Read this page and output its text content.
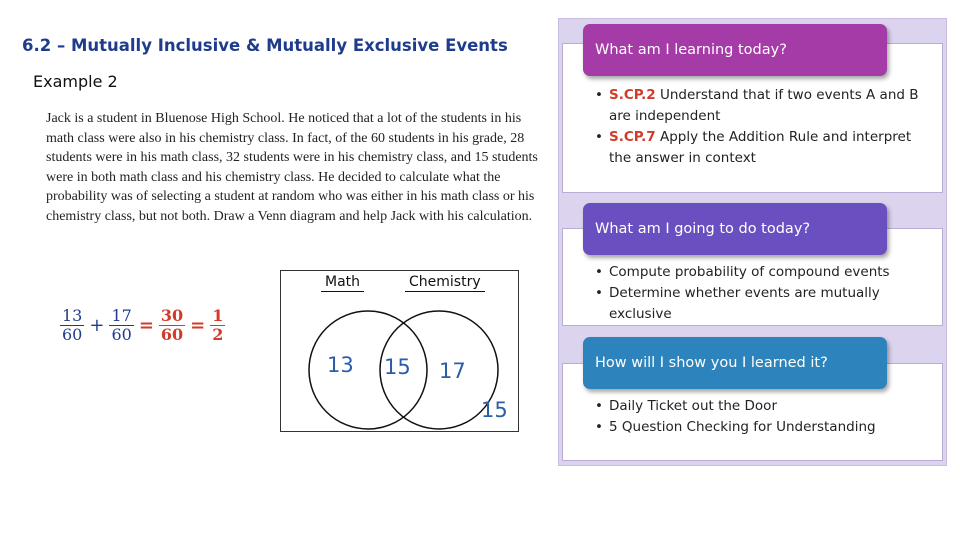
6.2 – Mutually Inclusive & Mutually Exclusive Events
Example 2
Jack is a student in Bluenose High School. He noticed that a lot of the students in his math class were also in his chemistry class. In fact, of the 60 students in his grade, 28 students were in his math class, 32 students were in his chemistry class, and 15 students were in both math class and his chemistry class. He decided to calculate what the probability was of selecting a student at random who was either in his math class or his chemistry class, but not both. Draw a Venn diagram and help Jack with his calculation.
$\frac{13}{60} + \frac{17}{60} = \frac{30}{60} = \frac{1}{2}$
Math	Chemistry
13 15 17
15
• S.CP.2 Understand that if two events A and B are independent
• S.CP.7 Apply the Addition Rule and interpret the answer in context
What am I learning today?
• Compute probability of compound events
• Determine whether events are mutually exclusive
What am I going to do today?
• Daily Ticket out the Door
• 5 Question Checking for Understanding
How will I show you I learned it?
